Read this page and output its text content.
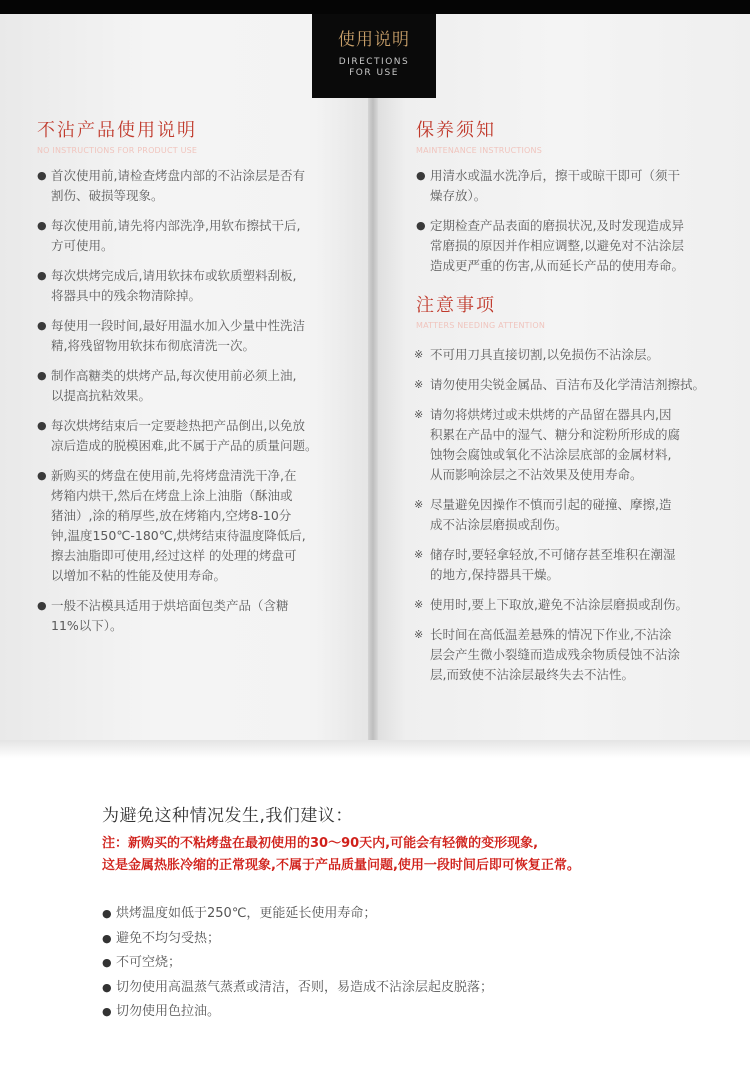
使用说明
DIRECTIONS
FOR USE
不沾产品使用说明
NO INSTRUCTIONS FOR PRODUCT USE
● 首次使用前,请检查烤盘内部的不沾涂层是否有
割伤、破损等现象。
● 每次使用前,请先将内部洗净,用软布擦拭干后,
方可使用。
● 每次烘烤完成后,请用软抹布或软质塑料刮板,
将器具中的残余物清除掉。
● 每使用一段时间,最好用温水加入少量中性洗洁
精,将残留物用软抹布彻底清洗一次。
● 制作高糖类的烘烤产品,每次使用前必须上油,
以提高抗粘效果。
● 每次烘烤结束后一定要趁热把产品倒出,以免放
凉后造成的脱模困难,此不属于产品的质量问题。
● 新购买的烤盘在使用前,先将烤盘清洗干净,在
烤箱内烘干,然后在烤盘上涂上油脂（酥油或
猪油）,涂的稍厚些,放在烤箱内,空烤8-10分
钟,温度150℃-180℃,烘烤结束待温度降低后,
擦去油脂即可使用,经过这样 的处理的烤盘可
以增加不粘的性能及使用寿命。
● 一般不沾模具适用于烘培面包类产品（含糖
11%以下）。
保养须知
MAINTENANCE INSTRUCTIONS
● 用清水或温水洗净后，擦干或晾干即可（须干
燥存放）。
● 定期检查产品表面的磨损状况,及时发现造成异
常磨损的原因并作相应调整,以避免对不沾涂层
造成更严重的伤害,从而延长产品的使用寿命。
注意事项
MATTERS NEEDING ATTENTION
※ 不可用刀具直接切割,以免损伤不沾涂层。
※ 请勿使用尖锐金属品、百洁布及化学清洁剂擦拭。
※ 请勿将烘烤过或未烘烤的产品留在器具内,因
积累在产品中的湿气、糖分和淀粉所形成的腐
蚀物会腐蚀或氧化不沾涂层底部的金属材料,
从而影响涂层之不沾效果及使用寿命。
※ 尽量避免因操作不慎而引起的碰撞、摩擦,造
成不沾涂层磨损或刮伤。
※ 储存时,要轻拿轻放,不可储存甚至堆积在潮湿
的地方,保持器具干燥。
※ 使用时,要上下取放,避免不沾涂层磨损或刮伤。
※ 长时间在高低温差悬殊的情况下作业,不沾涂
层会产生微小裂缝而造成残余物质侵蚀不沾涂
层,而致使不沾涂层最终失去不沾性。
为避免这种情况发生,我们建议：
注：新购买的不粘烤盘在最初使用的30～90天内,可能会有轻微的变形现象,
这是金属热胀冷缩的正常现象,不属于产品质量问题,使用一段时间后即可恢复正常。
● 烘烤温度如低于250℃，更能延长使用寿命；
● 避免不均匀受热；
● 不可空烧；
● 切勿使用高温蒸气蒸煮或清洁，否则，易造成不沾涂层起皮脱落；
● 切勿使用色拉油。
